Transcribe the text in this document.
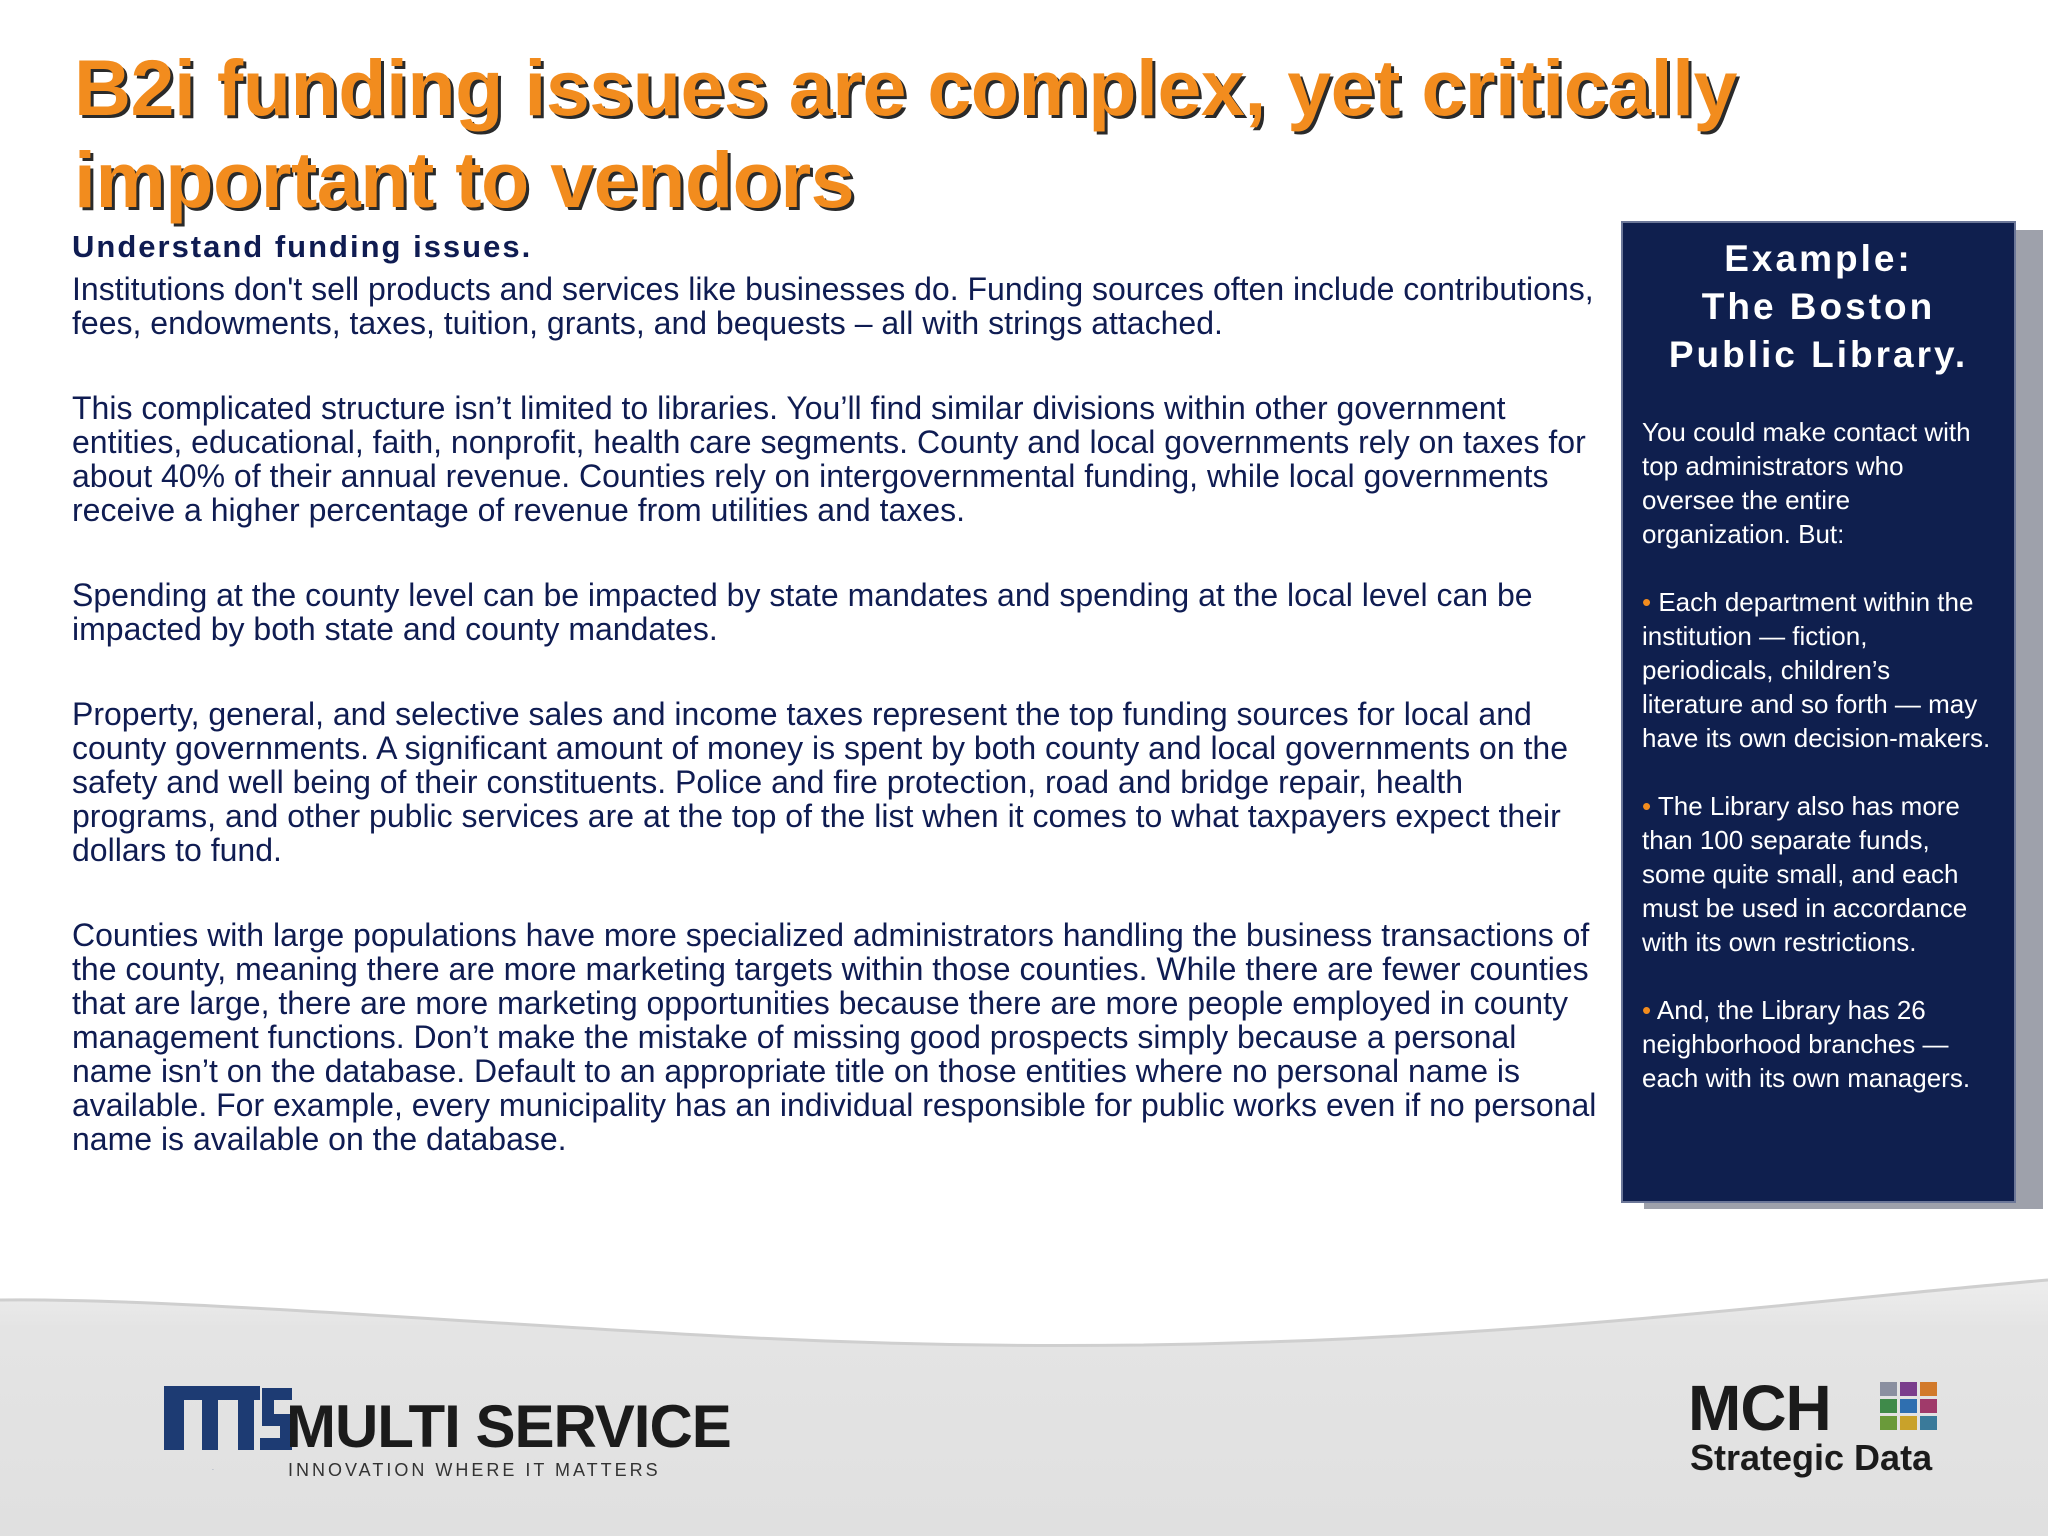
B2i funding issues are complex, yet critically important to vendors
Understand funding issues.

Institutions don't sell products and services like businesses do. Funding sources often include contributions, fees, endowments, taxes, tuition, grants, and bequests – all with strings attached.

This complicated structure isn’t limited to libraries. You’ll find similar divisions within other government entities, educational, faith, nonprofit, health care segments. County and local governments rely on taxes for about 40% of their annual revenue. Counties rely on intergovernmental funding, while local governments receive a higher percentage of revenue from utilities and taxes.

Spending at the county level can be impacted by state mandates and spending at the local level can be impacted by both state and county mandates.

Property, general, and selective sales and income taxes represent the top funding sources for local and county governments. A significant amount of money is spent by both county and local governments on the safety and well being of their constituents. Police and fire protection, road and bridge repair, health programs, and other public services are at the top of the list when it comes to what taxpayers expect their dollars to fund.

Counties with large populations have more specialized administrators handling the business transactions of the county, meaning there are more marketing targets within those counties. While there are fewer counties that are large, there are more marketing opportunities because there are more people employed in county management functions. Don’t make the mistake of missing good prospects simply because a personal name isn’t on the database. Default to an appropriate title on those entities where no personal name is available. For example, every municipality has an individual responsible for public works even if no personal name is available on the database.

Example:
The Boston
Public Library.
You could make contact with top administrators who oversee the entire organization. But:
• Each department within the institution — fiction, periodicals, children’s literature and so forth — may have its own decision-makers.
• The Library also has more than 100 separate funds, some quite small, and each must be used in accordance with its own restrictions.
• And, the Library has 26 neighborhood branches — each with its own managers.
MS
MULTI SERVICE
INNOVATION WHERE IT MATTERS
MCH
Strategic Data
